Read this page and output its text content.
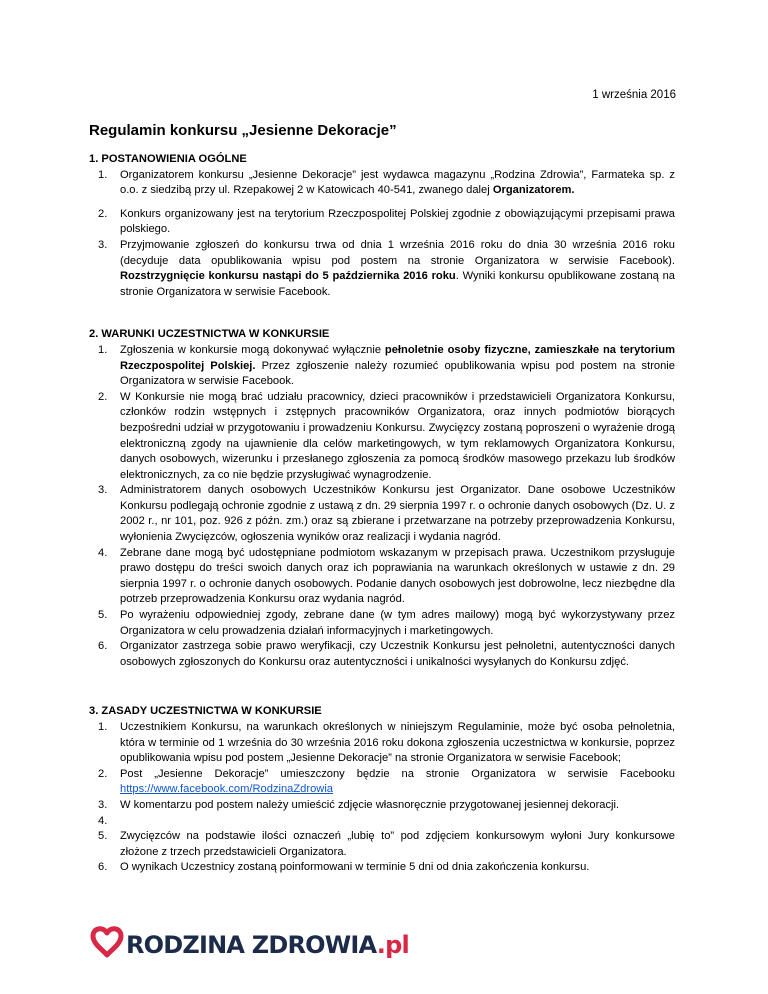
1 września 2016
Regulamin konkursu „Jesienne Dekoracje”
1. POSTANOWIENIA OGÓLNE
1. Organizatorem konkursu „Jesienne Dekoracje” jest wydawca magazynu „Rodzina Zdrowia”, Farmateka sp. z o.o. z siedzibą przy ul. Rzepakowej 2 w Katowicach 40-541, zwanego dalej Organizatorem.
2. Konkurs organizowany jest na terytorium Rzeczpospolitej Polskiej zgodnie z obowiązującymi przepisami prawa polskiego.
3. Przyjmowanie zgłoszeń do konkursu trwa od dnia 1 września 2016 roku do dnia 30 września 2016 roku (decyduje data opublikowania wpisu pod postem na stronie Organizatora w serwisie Facebook). Rozstrzygnięcie konkursu nastąpi do 5 października 2016 roku. Wyniki konkursu opublikowane zostaną na stronie Organizatora w serwisie Facebook.
2. WARUNKI UCZESTNICTWA W KONKURSIE
1. Zgłoszenia w konkursie mogą dokonywać wyłącznie pełnoletnie osoby fizyczne, zamieszkałe na terytorium Rzeczpospolitej Polskiej. Przez zgłoszenie należy rozumieć opublikowania wpisu pod postem na stronie Organizatora w serwisie Facebook.
2. W Konkursie nie mogą brać udziału pracownicy, dzieci pracowników i przedstawicieli Organizatora Konkursu, członków rodzin wstępnych i zstępnych pracowników Organizatora, oraz innych podmiotów biorących bezpośredni udział w przygotowaniu i prowadzeniu Konkursu. Zwycięzcy zostaną poproszeni o wyrażenie drogą elektroniczną zgody na ujawnienie dla celów marketingowych, w tym reklamowych Organizatora Konkursu, danych osobowych, wizerunku i przesłanego zgłoszenia za pomocą środków masowego przekazu lub środków elektronicznych, za co nie będzie przysługiwać wynagrodzenie.
3. Administratorem danych osobowych Uczestników Konkursu jest Organizator. Dane osobowe Uczestników Konkursu podlegają ochronie zgodnie z ustawą z dn. 29 sierpnia 1997 r. o ochronie danych osobowych (Dz. U. z 2002 r., nr 101, poz. 926 z późn. zm.) oraz są zbierane i przetwarzane na potrzeby przeprowadzenia Konkursu, wyłonienia Zwycięzców, ogłoszenia wyników oraz realizacji i wydania nagród.
4. Zebrane dane mogą być udostępniane podmiotom wskazanym w przepisach prawa. Uczestnikom przysługuje prawo dostępu do treści swoich danych oraz ich poprawiania na warunkach określonych w ustawie z dn. 29 sierpnia 1997 r. o ochronie danych osobowych. Podanie danych osobowych jest dobrowolne, lecz niezbędne dla potrzeb przeprowadzenia Konkursu oraz wydania nagród.
5. Po wyrażeniu odpowiedniej zgody, zebrane dane (w tym adres mailowy) mogą być wykorzystywany przez Organizatora w celu prowadzenia działań informacyjnych i marketingowych.
6. Organizator zastrzega sobie prawo weryfikacji, czy Uczestnik Konkursu jest pełnoletni, autentyczności danych osobowych zgłoszonych do Konkursu oraz autentyczności i unikalności wysyłanych do Konkursu zdjęć.
3. ZASADY UCZESTNICTWA W KONKURSIE
1. Uczestnikiem Konkursu, na warunkach określonych w niniejszym Regulaminie, może być osoba pełnoletnia, która w terminie od 1 września do 30 września 2016 roku dokona zgłoszenia uczestnictwa w konkursie, poprzez opublikowania wpisu pod postem „Jesienne Dekoracje” na stronie Organizatora w serwisie Facebook;
2. Post „Jesienne Dekoracje” umieszczony będzie na stronie Organizatora w serwisie Facebooku https://www.facebook.com/RodzinaZdrowia
3. W komentarzu pod postem należy umieścić zdjęcie własnoręcznie przygotowanej jesiennej dekoracji.
4.

5. Zwycięzców na podstawie ilości oznaczeń „lubię to” pod zdjęciem konkursowym wyłoni Jury konkursowe złożone z trzech przedstawicieli Organizatora.
6. O wynikach Uczestnicy zostaną poinformowani w terminie 5 dni od dnia zakończenia konkursu.
RODZINA ZDROWIA.pl
